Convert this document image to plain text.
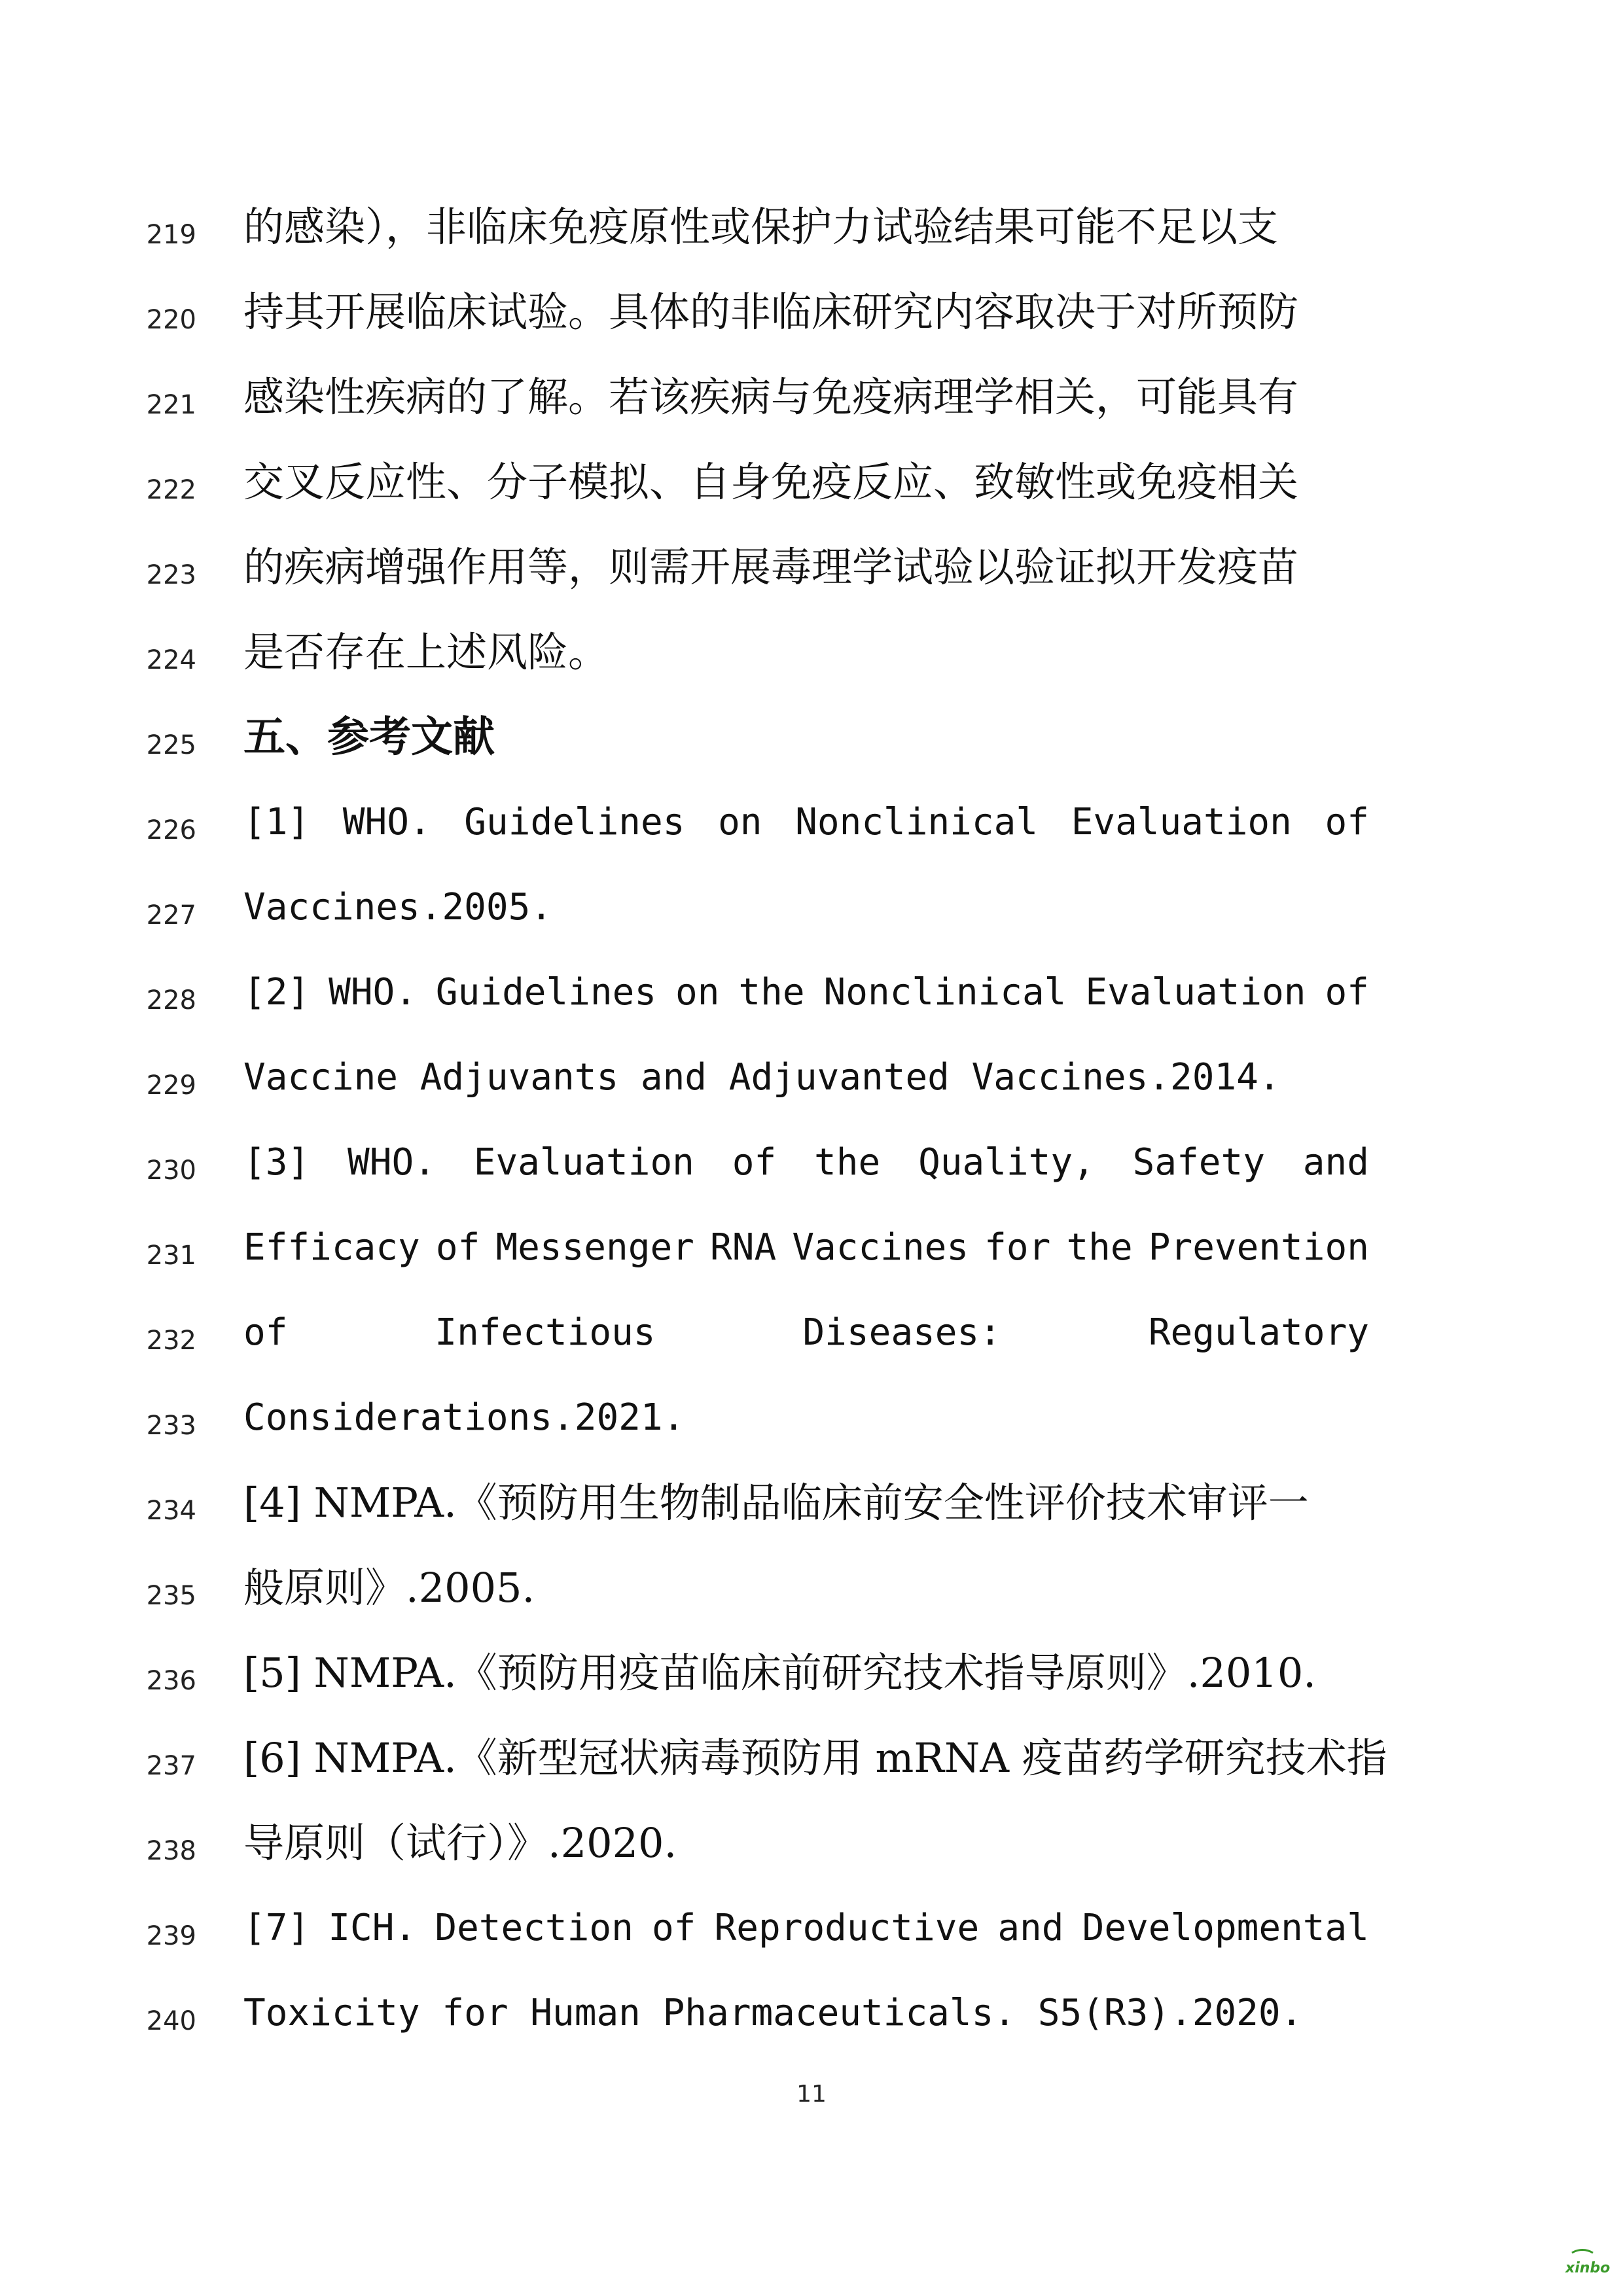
219 的感染），非临床免疫原性或保护力试验结果可能不足以支
220 持其开展临床试验。具体的非临床研究内容取决于对所预防
221 感染性疾病的了解。若该疾病与免疫病理学相关，可能具有
222 交叉反应性、分子模拟、自身免疫反应、致敏性或免疫相关
223 的疾病增强作用等，则需开展毒理学试验以验证拟开发疫苗
224 是否存在上述风险。
225 五、参考文献
226 [1] WHO. Guidelines on Nonclinical Evaluation of
227 Vaccines.2005.
228 [2] WHO. Guidelines on the Nonclinical Evaluation of
229 Vaccine Adjuvants and Adjuvanted Vaccines.2014.
230 [3] WHO. Evaluation of the Quality, Safety and
231 Efficacy of Messenger RNA Vaccines for the Prevention
232 of	Infectious	Diseases:	Regulatory
233 Considerations.2021.
234 [4] NMPA.《预防用生物制品临床前安全性评价技术审评一
235 般原则》.2005.
236 [5] NMPA.《预防用疫苗临床前研究技术指导原则》.2010.
237 [6] NMPA.《新型冠状病毒预防用 mRNA 疫苗药学研究技术指
238 导原则（试行）》.2020.
239 [7] ICH. Detection of Reproductive and Developmental
240 Toxicity for Human Pharmaceuticals. S5(R3).2020.
11
xinbo
